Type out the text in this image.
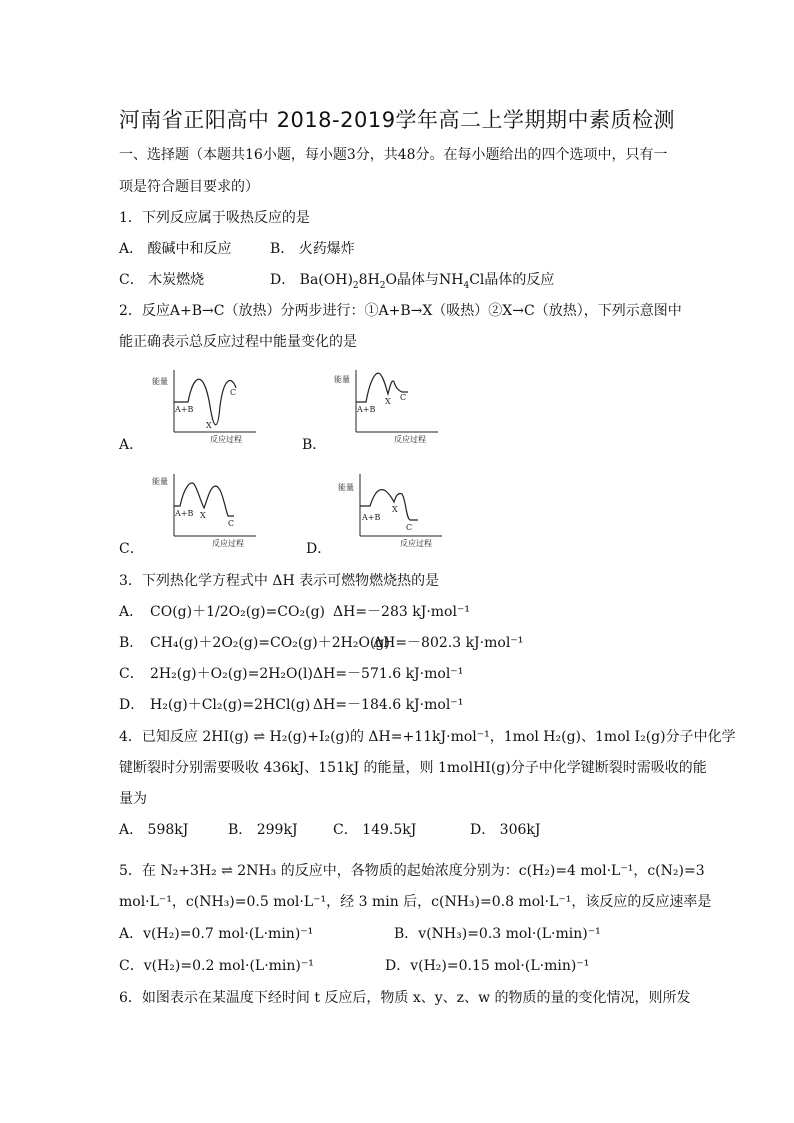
河南省正阳高中 2018-2019学年高二上学期期中素质检测
一、选择题（本题共16小题，每小题3分，共48分。在每小题给出的四个选项中，只有一
项是符合题目要求的）
1．下列反应属于吸热反应的是
A． 酸碱中和反应	B． 火药爆炸
C． 木炭燃烧	D． $Ba(OH)_28H_2O$晶体与$NH_4Cl$晶体的反应
2．反应A+B→C（放热）分两步进行：①A+B→X（吸热）②X→C（放热），下列示意图中
能正确表示总反应过程中能量变化的是
A．	B．
C．	D．
能量
A+B
X
C
反应过程
能量
A+B
X C
反应过程
能量
A+B X
C
反应过程
能量
A+B
X
C
反应过程
3．下列热化学方程式中 ΔH 表示可燃物燃烧热的是
A． CO(g)＋1/2O₂(g)=CO₂(g) ΔH=－283 kJ·mol⁻¹
B． CH₄(g)＋2O₂(g)=CO₂(g)＋2H₂O(g)
ΔH=－802.3 kJ·mol⁻¹
C． 2H₂(g)＋O₂(g)=2H₂O(l) ΔH=－571.6 kJ·mol⁻¹
D． H₂(g)＋Cl₂(g)=2HCl(g) ΔH=－184.6 kJ·mol⁻¹
4．已知反应 2HI(g) ⇌ H₂(g)+I₂(g)的 ΔH=+11kJ·mol⁻¹，1mol H₂(g)、1mol I₂(g)分子中化学
键断裂时分别需要吸收 436kJ、151kJ 的能量，则 1molHI(g)分子中化学键断裂时需吸收的能
量为
A． 598kJ	B． 299kJ	C． 149.5kJ	D． 306kJ
5．在 N₂+3H₂ ⇌ 2NH₃ 的反应中，各物质的起始浓度分别为：c(H₂)=4 mol·L⁻¹，c(N₂)=3
mol·L⁻¹，c(NH₃)=0.5 mol·L⁻¹，经 3 min 后，c(NH₃)=0.8 mol·L⁻¹，该反应的反应速率是
A．v(H₂)=0.7 mol·(L·min)⁻¹	B．v(NH₃)=0.3 mol·(L·min)⁻¹
C．v(H₂)=0.2 mol·(L·min)⁻¹	D．v(H₂)=0.15 mol·(L·min)⁻¹
6．如图表示在某温度下经时间 t 反应后，物质 x、y、z、w 的物质的量的变化情况，则所发
